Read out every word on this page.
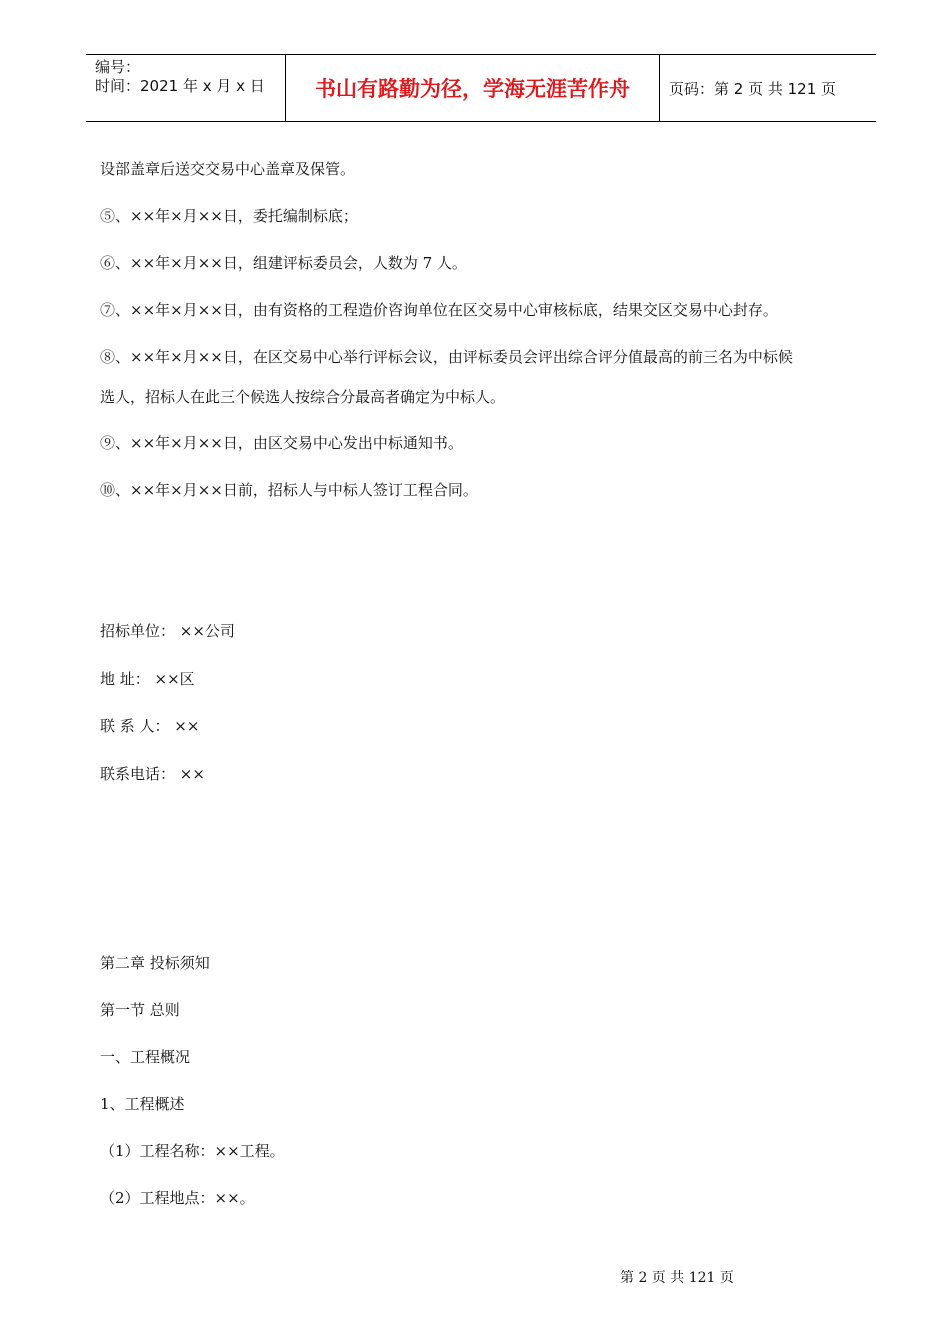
编号：
时间：2021 年 x 月 x 日	书山有路勤为径，学海无涯苦作舟	页码：第 2 页 共 121 页
设部盖章后送交交易中心盖章及保管。
⑤、××年×月××日，委托编制标底；
⑥、××年×月××日，组建评标委员会，人数为 7 人。
⑦、××年×月××日，由有资格的工程造价咨询单位在区交易中心审核标底，结果交区交易中心封存。
⑧、××年×月××日，在区交易中心举行评标会议，由评标委员会评出综合评分值最高的前三名为中标候
选人，招标人在此三个候选人按综合分最高者确定为中标人。
⑨、××年×月××日，由区交易中心发出中标通知书。
⑩、××年×月××日前，招标人与中标人签订工程合同。
招标单位： ××公司
地 址： ××区
联 系 人： ××
联系电话： ××
第二章 投标须知
第一节 总则
一、工程概况
1、工程概述
（1）工程名称：××工程。
（2）工程地点：××。
第 2 页 共 121 页
